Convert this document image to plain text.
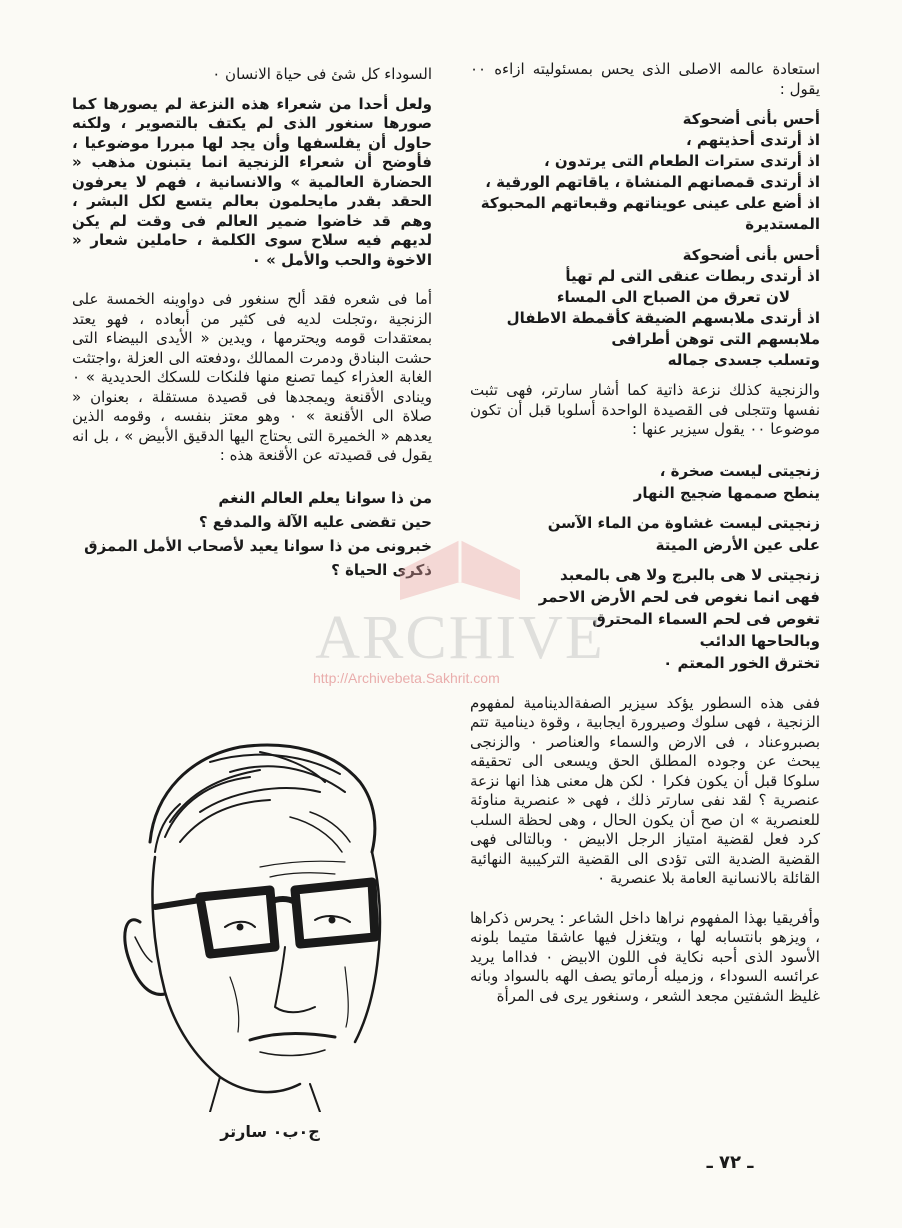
استعادة عالمه الاصلى الذى يحس بمسئوليته ازاءه ٠٠ يقول :

أحس بأنى أضحوكة

اذ أرتدى أحذيتهم ،

اذ أرتدى سترات الطعام التى يرتدون ،

اذ أرتدى قمصانهم المنشاة ، ياقاتهم الورقية ،

اذ أضع على عينى عويناتهم وقبعاتهم المحبوكة المستديرة

أحس بأنى أضحوكة

اذ أرتدى ربطات عنقى التى لم تهيأ

لان تعرق من الصباح الى المساء

اذ أرتدى ملابسهم الضيقة كأقمطة الاطفال

ملابسهم التى توهن أطرافى

وتسلب جسدى جماله

والزنجية كذلك نزعة ذاتية كما أشار سارتر، فهى تثبت نفسها وتتجلى فى القصيدة الواحدة أسلوبا قبل أن تكون موضوعا ٠٠ يقول سيزير عنها :

زنجيتى ليست صخرة ،

ينطح صممها ضجيج النهار

زنجيتى ليست غشاوة من الماء الآسن

على عين الأرض الميتة

زنجيتى لا هى بالبرج ولا هى بالمعبد

فهى انما نغوص فى لحم الأرض الاحمر

تغوص فى لحم السماء المحترق

وبالحاحها الدائب

تخترق الخور المعتم ٠

ففى هذه السطور يؤكد سيزير الصفةالدينامية لمفهوم الزنجية ، فهى سلوك وصيرورة ايجابية ، وقوة دينامية تتم بصبروعناد ، فى الارض والسماء والعناصر ٠ والزنجى يبحث عن وجوده المطلق الحق ويسعى الى تحقيقه سلوكا قبل أن يكون فكرا ٠ لكن هل معنى هذا انها نزعة عنصرية ؟ لقد نفى سارتر ذلك ، فهى « عنصرية مناوئة للعنصرية » ان صح أن يكون الحال ، وهى لحظة السلب كرد فعل لقضية امتياز الرجل الابيض ٠ وبالتالى فهى القضية الضدية التى تؤدى الى القضية التركيبية النهائية القائلة بالانسانية العامة بلا عنصرية ٠

وأفريقيا بهذا المفهوم نراها داخل الشاعر : يحرس ذكراها ، ويزهو بانتسابه لها ، ويتغزل فيها عاشقا متيما بلونه الأسود الذى أحبه نكاية فى اللون الابيض ٠ فدااما يريد عرائسه السوداء ، وزميله أرماتو يصف الهه بالسواد وبانه غليظ الشفتين مجعد الشعر ، وسنغور يرى فى المرأة

السوداء كل شئ فى حياة الانسان ٠

ولعل أحدا من شعراء هذه النزعة لم يصورها كما صورها سنغور الذى لم يكتف بالتصوير ، ولكنه حاول أن يفلسفها وأن يجد لها مبررا موضوعيا ، فأوضح أن شعراء الزنجية انما يتبنون مذهب « الحضارة العالمية » والانسانية ، فهم لا يعرفون الحقد بقدر مايحلمون بعالم يتسع لكل البشر ، وهم قد خاضوا ضمير العالم فى وقت لم يكن لديهم فيه سلاح سوى الكلمة ، حاملين شعار « الاخوة والحب والأمل » ٠

أما فى شعره فقد ألح سنغور فى دواوينه الخمسة على الزنجية ،وتجلت لديه فى كثير من أبعاده ، فهو يعتد بمعتقدات قومه ويحترمها ، ويدين « الأيدى البيضاء التى حشت البنادق ودمرت الممالك ،ودفعته الى العزلة ،واجتثت الغابة العذراء كيما تصنع منها فلنكات للسكك الحديدية » ٠ وينادى الأقنعة ويمجدها فى قصيدة مستقلة ، بعنوان « صلاة الى الأقنعة » ٠ وهو معتز بنفسه ، وقومه الذين يعدهم « الخميرة التى يحتاج اليها الدقيق الأبيض » ، بل انه يقول فى قصيدته عن الأقنعة هذه :

من ذا سوانا يعلم العالم النغم

حين تقضى عليه الآلة والمدفع ؟

خبرونى من ذا سوانا يعيد لأصحاب الأمل الممزق ذكرى الحياة ؟

ج٠ب٠ سارتر
ARCHIVE
http://Archivebeta.Sakhrit.com
ـ ٧٢ ـ
